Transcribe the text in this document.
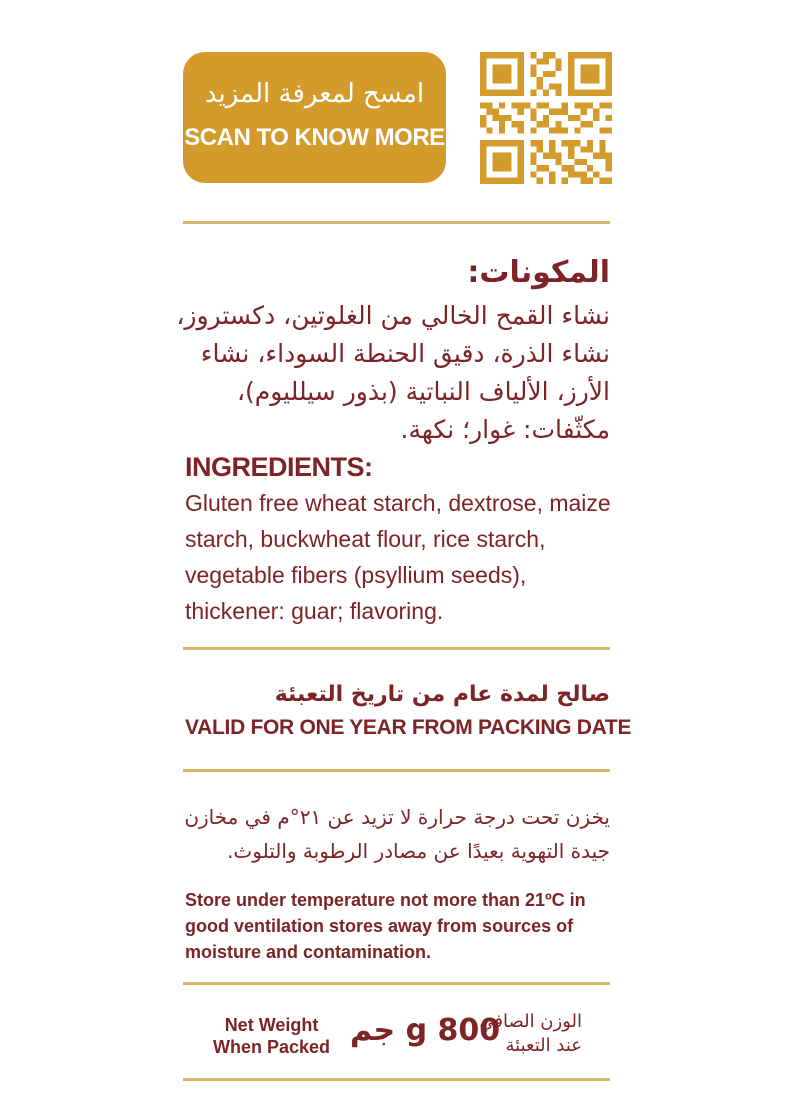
امسح لمعرفة المزيد
SCAN TO KNOW MORE
المكونات:
نشاء القمح الخالي من الغلوتين، دكستروز، نشاء الذرة، دقيق الحنطة السوداء، نشاء الأرز، الألياف النباتية (بذور سيلليوم)، مكثّفات: غوار؛ نكهة.
INGREDIENTS:
Gluten free wheat starch, dextrose, maize starch, buckwheat flour, rice starch, vegetable fibers (psyllium seeds), thickener: guar; flavoring.
صالح لمدة عام من تاريخ التعبئة
VALID FOR ONE YEAR FROM PACKING DATE
يخزن تحت درجة حرارة لا تزيد عن ٢١°م في مخازن جيدة التهوية بعيدًا عن مصادر الرطوبة والتلوث.
Store under temperature not more than 21ºC in good ventilation stores away from sources of moisture and contamination.
Net Weight
When Packed 800 g جم
الوزن الصافي
عند التعبئة
